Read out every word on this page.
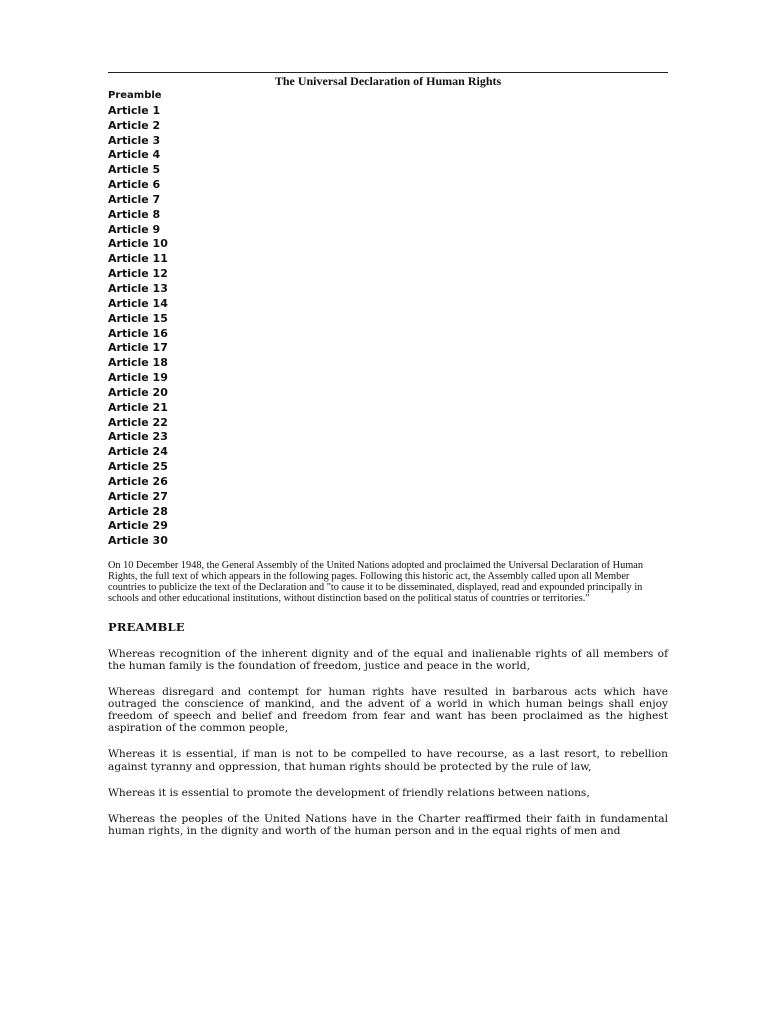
The Universal Declaration of Human Rights
Preamble
Article 1
Article 2
Article 3
Article 4
Article 5
Article 6
Article 7
Article 8
Article 9
Article 10
Article 11
Article 12
Article 13
Article 14
Article 15
Article 16
Article 17
Article 18
Article 19
Article 20
Article 21
Article 22
Article 23
Article 24
Article 25
Article 26
Article 27
Article 28
Article 29
Article 30

On 10 December 1948, the General Assembly of the United Nations adopted and proclaimed the Universal Declaration of Human Rights, the full text of which appears in the following pages. Following this historic act, the Assembly called upon all Member countries to publicize the text of the Declaration and "to cause it to be disseminated, displayed, read and expounded principally in schools and other educational institutions, without distinction based on the political status of countries or territories."

PREAMBLE

Whereas recognition of the inherent dignity and of the equal and inalienable rights of all members of the human family is the foundation of freedom, justice and peace in the world,

Whereas disregard and contempt for human rights have resulted in barbarous acts which have outraged the conscience of mankind, and the advent of a world in which human beings shall enjoy freedom of speech and belief and freedom from fear and want has been proclaimed as the highest aspiration of the common people,

Whereas it is essential, if man is not to be compelled to have recourse, as a last resort, to rebellion against tyranny and oppression, that human rights should be protected by the rule of law,

Whereas it is essential to promote the development of friendly relations between nations,

Whereas the peoples of the United Nations have in the Charter reaffirmed their faith in fundamental human rights, in the dignity and worth of the human person and in the equal rights of men and
